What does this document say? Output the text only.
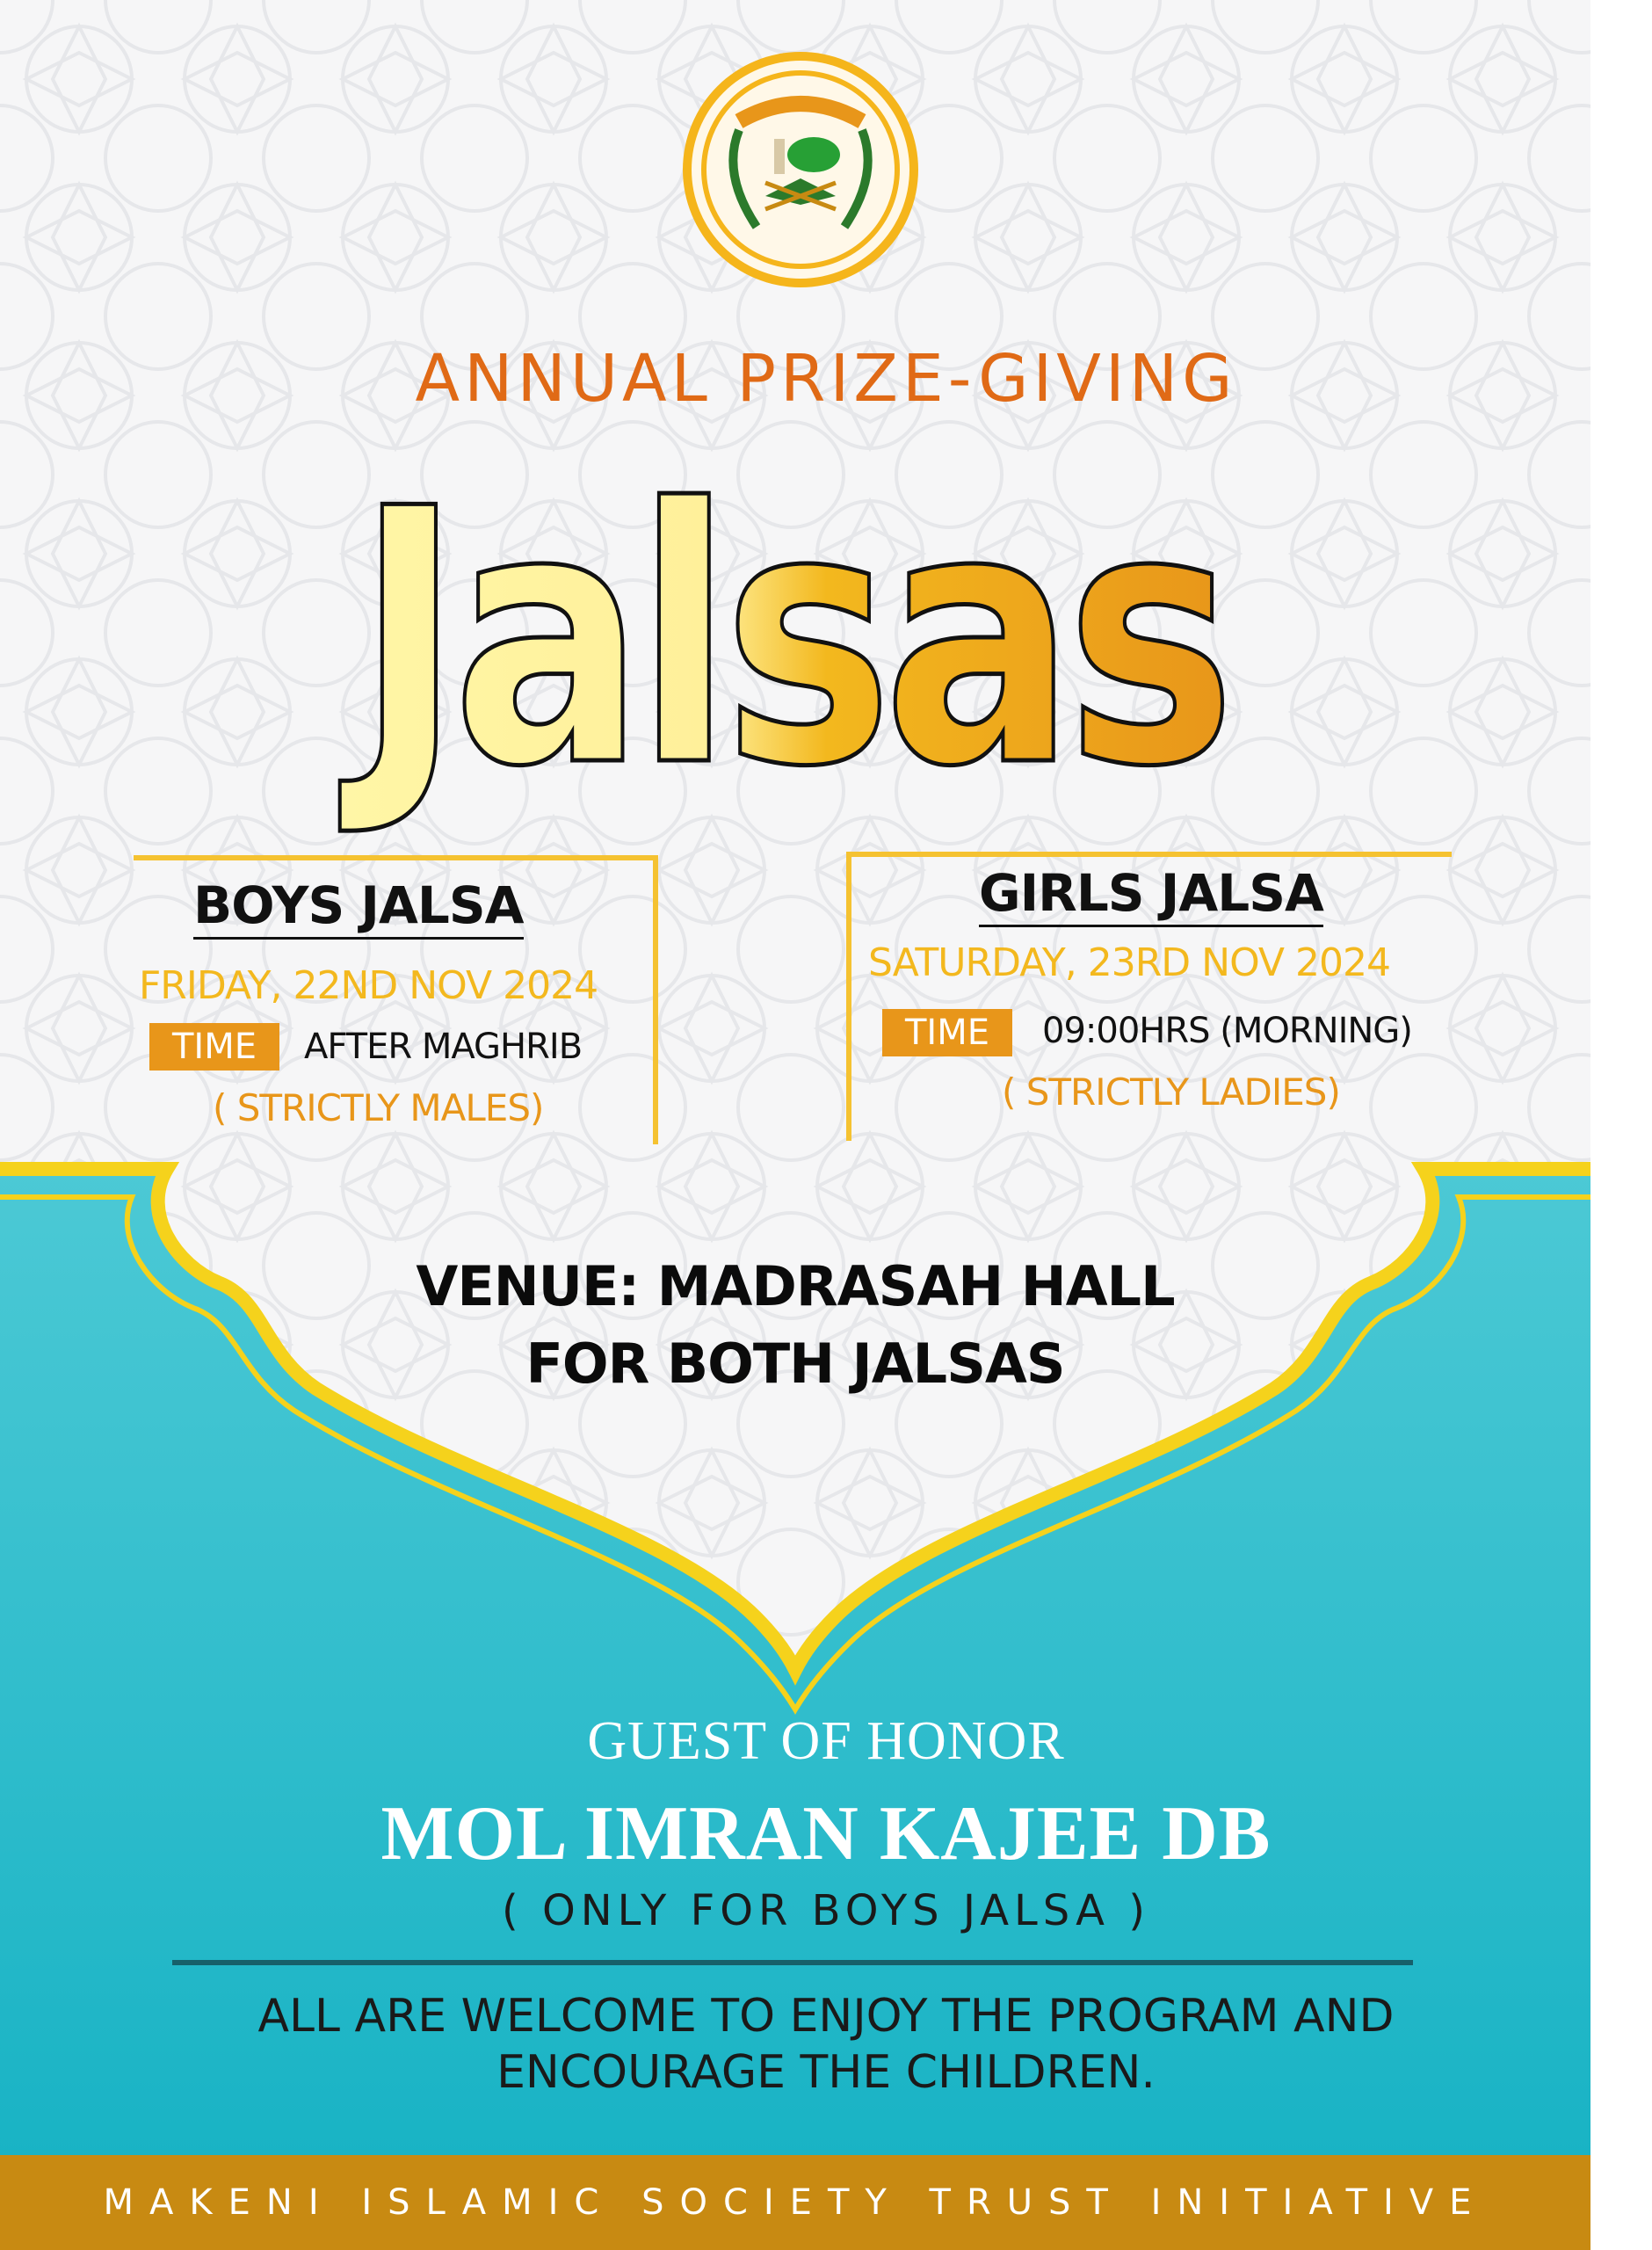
ANNUAL PRIZE-GIVING
Jalsas
BOYS JALSA
FRIDAY, 22ND NOV 2024
TIME	AFTER MAGHRIB
( STRICTLY MALES)
GIRLS JALSA
SATURDAY, 23RD NOV 2024
TIME	09:00HRS (MORNING)
( STRICTLY LADIES)
VENUE: MADRASAH HALL
FOR BOTH JALSAS
GUEST OF HONOR
MOL IMRAN KAJEE DB
( ONLY FOR BOYS JALSA )
ALL ARE WELCOME TO ENJOY THE PROGRAM AND
ENCOURAGE THE CHILDREN.
MAKENI ISLAMIC SOCIETY TRUST INITIATIVE
